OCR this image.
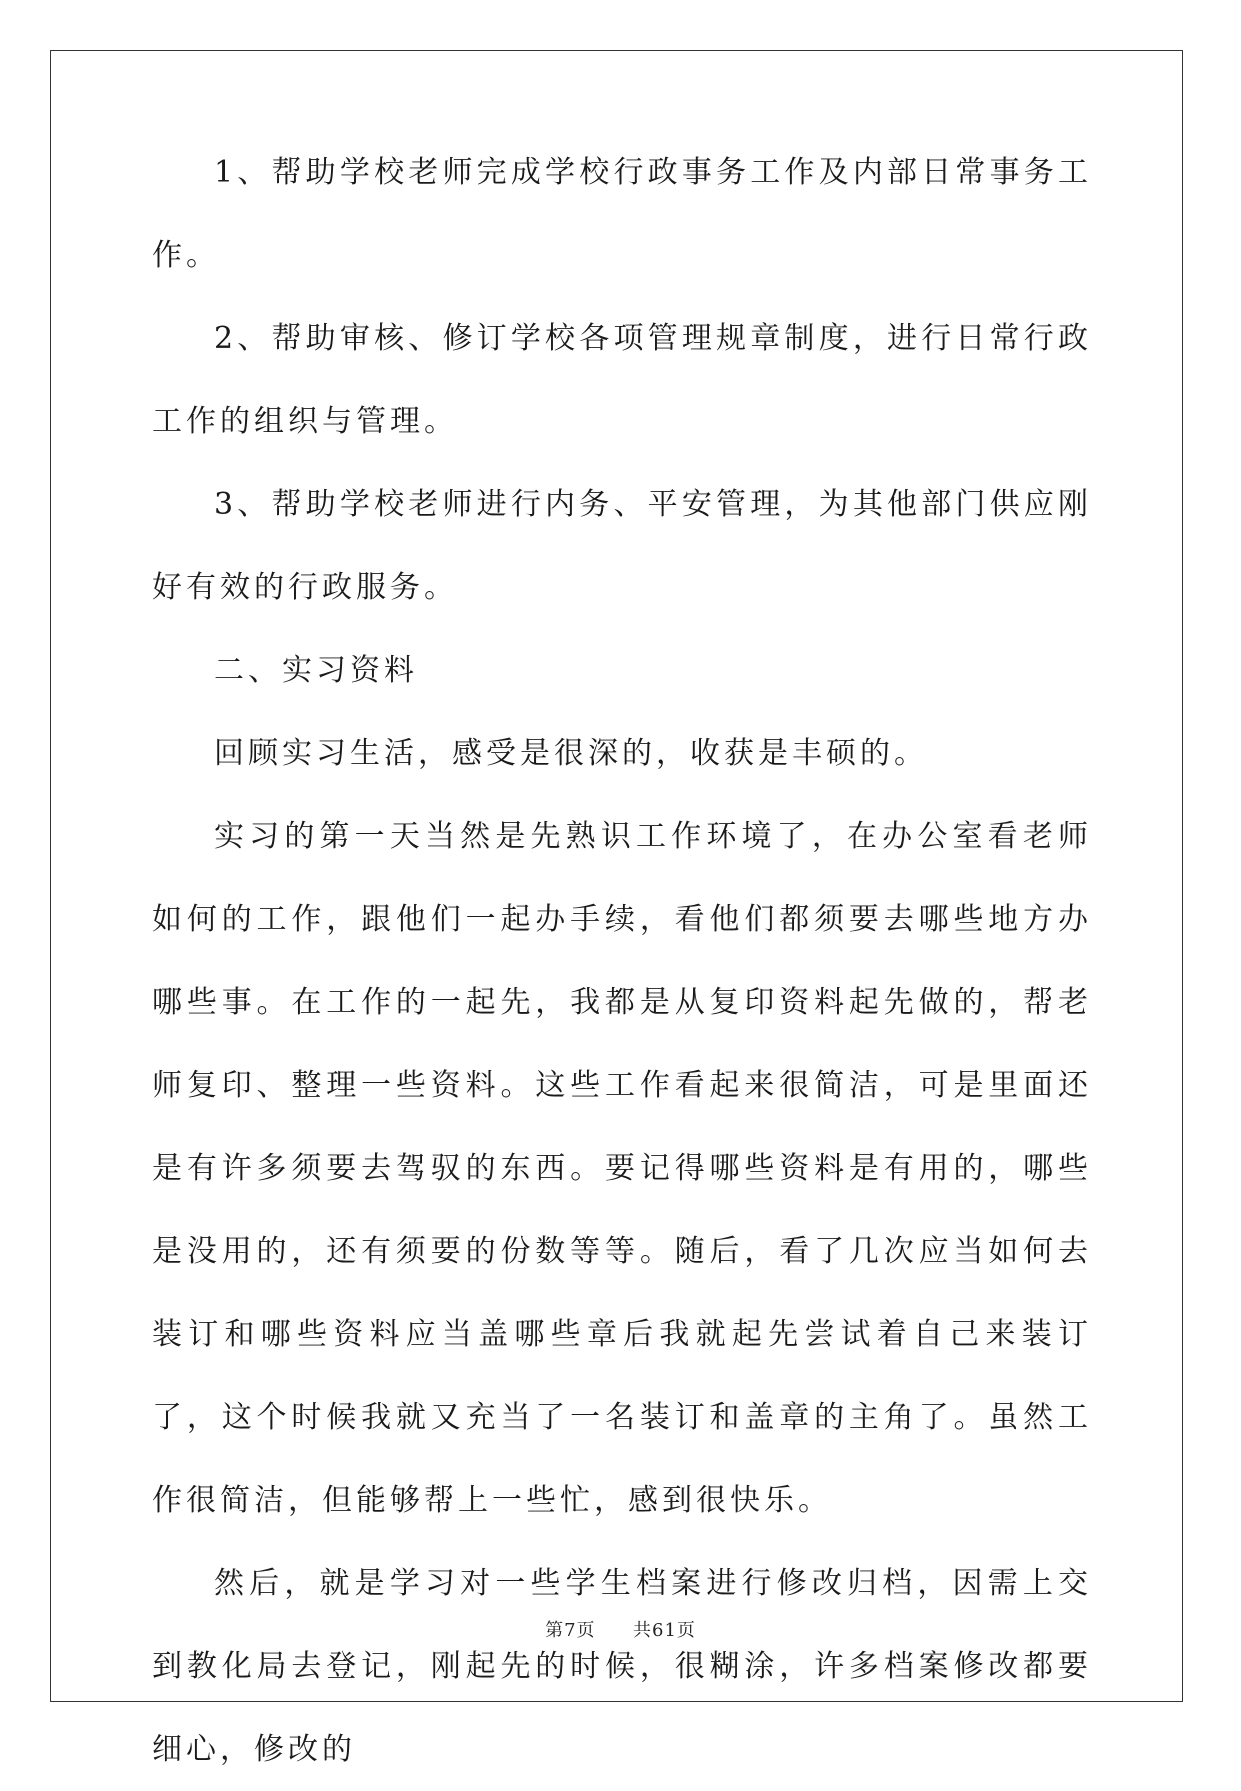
1、帮助学校老师完成学校行政事务工作及内部日常事务工作。

2、帮助审核、修订学校各项管理规章制度，进行日常行政工作的组织与管理。

3、帮助学校老师进行内务、平安管理，为其他部门供应刚好有效的行政服务。

二、实习资料

回顾实习生活，感受是很深的，收获是丰硕的。

实习的第一天当然是先熟识工作环境了，在办公室看老师如何的工作，跟他们一起办手续，看他们都须要去哪些地方办哪些事。在工作的一起先，我都是从复印资料起先做的，帮老师复印、整理一些资料。这些工作看起来很简洁，可是里面还是有许多须要去驾驭的东西。要记得哪些资料是有用的，哪些是没用的，还有须要的份数等等。随后，看了几次应当如何去装订和哪些资料应当盖哪些章后我就起先尝试着自己来装订了，这个时候我就又充当了一名装订和盖章的主角了。虽然工作很简洁，但能够帮上一些忙，感到很快乐。

然后，就是学习对一些学生档案进行修改归档，因需上交到教化局去登记，刚起先的时候，很糊涂，许多档案修改都要细心，修改的

第7页 共61页
